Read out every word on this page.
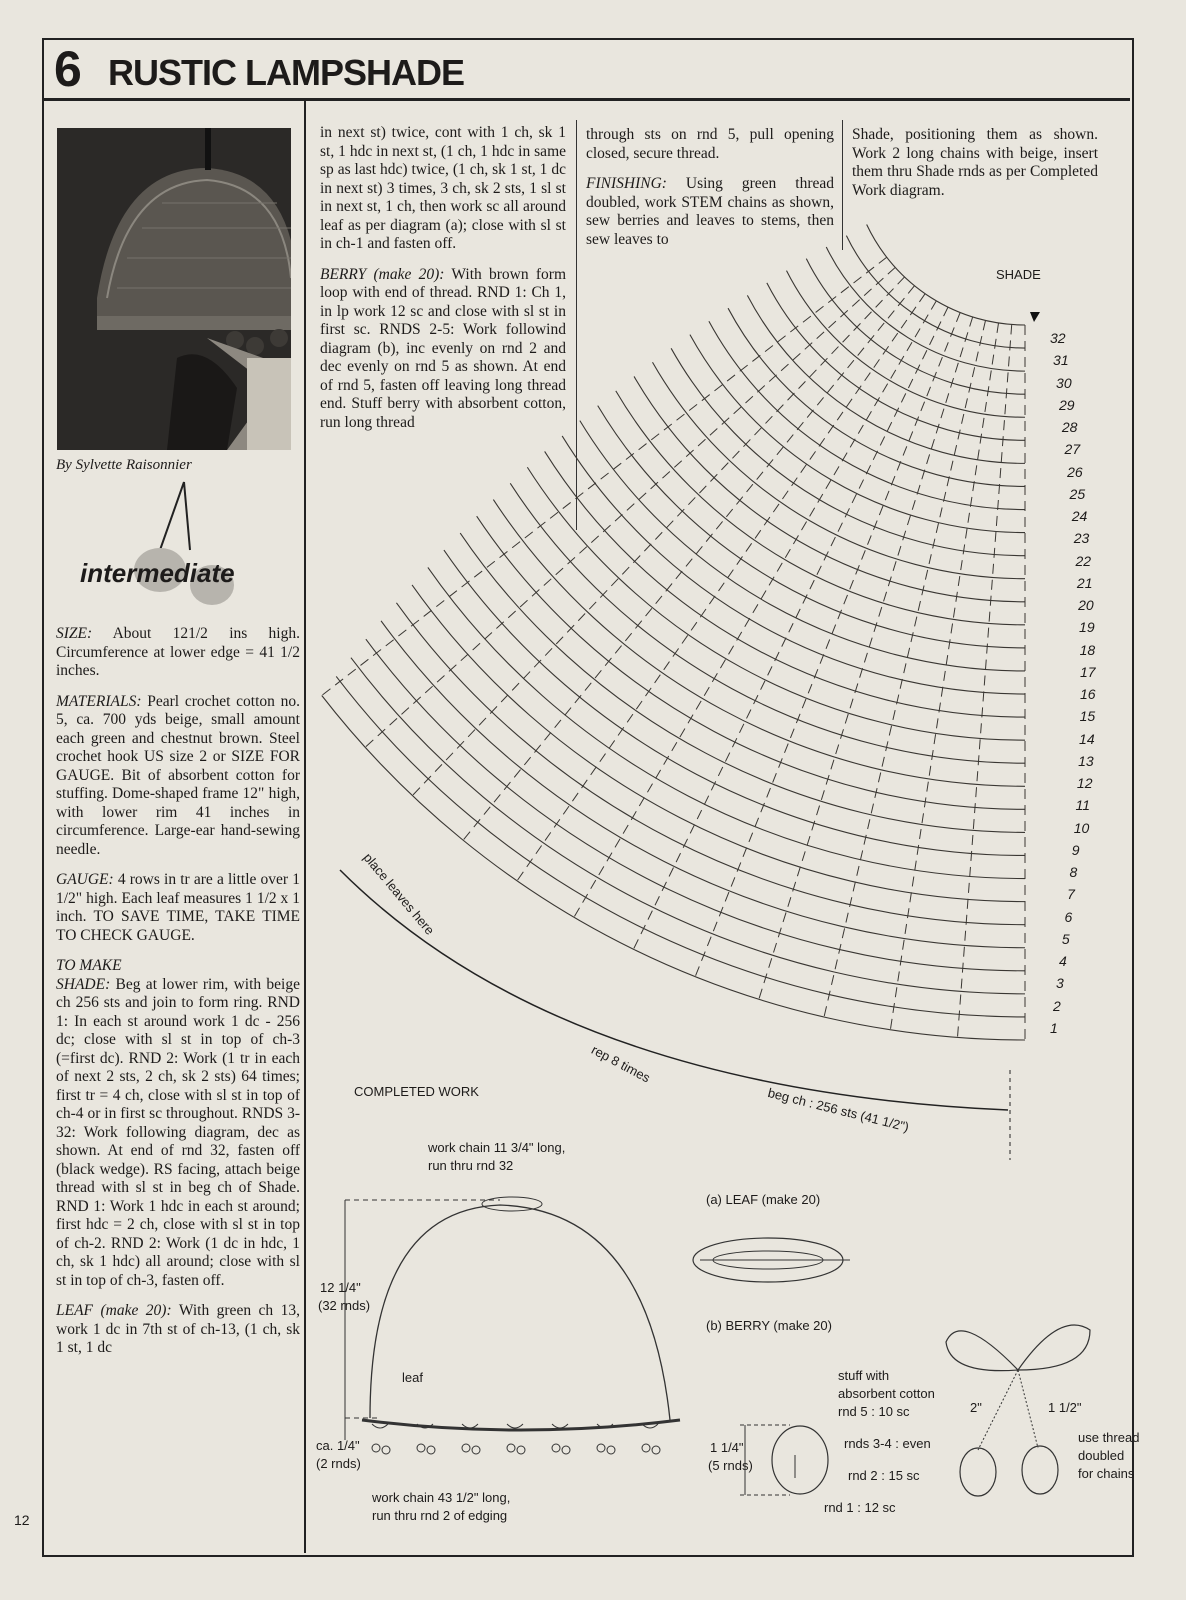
6 RUSTIC LAMPSHADE
By Sylvette Raisonnier
intermediate

SIZE: About 121/2 ins high. Circumference at lower edge = 41 1/2 inches.

MATERIALS: Pearl crochet cotton no. 5, ca. 700 yds beige, small amount each green and chestnut brown. Steel crochet hook US size 2 or SIZE FOR GAUGE. Bit of absorbent cotton for stuffing. Dome-shaped frame 12" high, with lower rim 41 inches in circumference. Large-ear hand-sewing needle.

GAUGE: 4 rows in tr are a little over 1 1/2" high. Each leaf measures 1 1/2 x 1 inch. TO SAVE TIME, TAKE TIME TO CHECK GAUGE.

TO MAKE

SHADE: Beg at lower rim, with beige ch 256 sts and join to form ring. RND 1: In each st around work 1 dc - 256 dc; close with sl st in top of ch-3 (=first dc). RND 2: Work (1 tr in each of next 2 sts, 2 ch, sk 2 sts) 64 times; first tr = 4 ch, close with sl st in top of ch-4 or in first sc throughout. RNDS 3-32: Work following diagram, dec as shown. At end of rnd 32, fasten off (black wedge). RS facing, attach beige thread with sl st in beg ch of Shade. RND 1: Work 1 hdc in each st around; first hdc = 2 ch, close with sl st in top of ch-2. RND 2: Work (1 dc in hdc, 1 ch, sk 1 hdc) all around; close with sl st in top of ch-3, fasten off.

LEAF (make 20): With green ch 13, work 1 dc in 7th st of ch-13, (1 ch, sk 1 st, 1 dc

in next st) twice, cont with 1 ch, sk 1 st, 1 hdc in next st, (1 ch, 1 hdc in same sp as last hdc) twice, (1 ch, sk 1 st, 1 dc in next st) 3 times, 3 ch, sk 2 sts, 1 sl st in next st, 1 ch, then work sc all around leaf as per diagram (a); close with sl st in ch-1 and fasten off.

BERRY (make 20): With brown form loop with end of thread. RND 1: Ch 1, in lp work 12 sc and close with sl st in first sc. RNDS 2-5: Work followind diagram (b), inc evenly on rnd 2 and dec evenly on rnd 5 as shown. At end of rnd 5, fasten off leaving long thread end. Stuff berry with absorbent cotton, run long thread

through sts on rnd 5, pull opening closed, secure thread.

FINISHING: Using green thread doubled, work STEM chains as shown, sew berries and leaves to stems, then sew leaves to

Shade, positioning them as shown. Work 2 long chains with beige, insert them thru Shade rnds as per Completed Work diagram.

SHADE
place leaves here
rep 8 times
beg ch : 256 sts (41 1/2")
32
31
30
29
28
27
26
25
24
23
22
21
20
19
18
17
16
15
14
13
12
11
10
9
8
7
6
5
4
3
2
1
COMPLETED WORK
work chain 11 3/4" long,
run thru rnd 32
12 1/4"
(32 rnds)
leaf
ca. 1/4"
(2 rnds)
work chain 43 1/2" long,
run thru rnd 2 of edging
(a) LEAF (make 20)
(b) BERRY (make 20)
stuff with
absorbent cotton
rnd 5 : 10 sc
rnds 3-4 : even
rnd 2 : 15 sc
rnd 1 : 12 sc
1 1/4"
(5 rnds)
2"	1 1/2"
use thread
doubled
for chains
12
